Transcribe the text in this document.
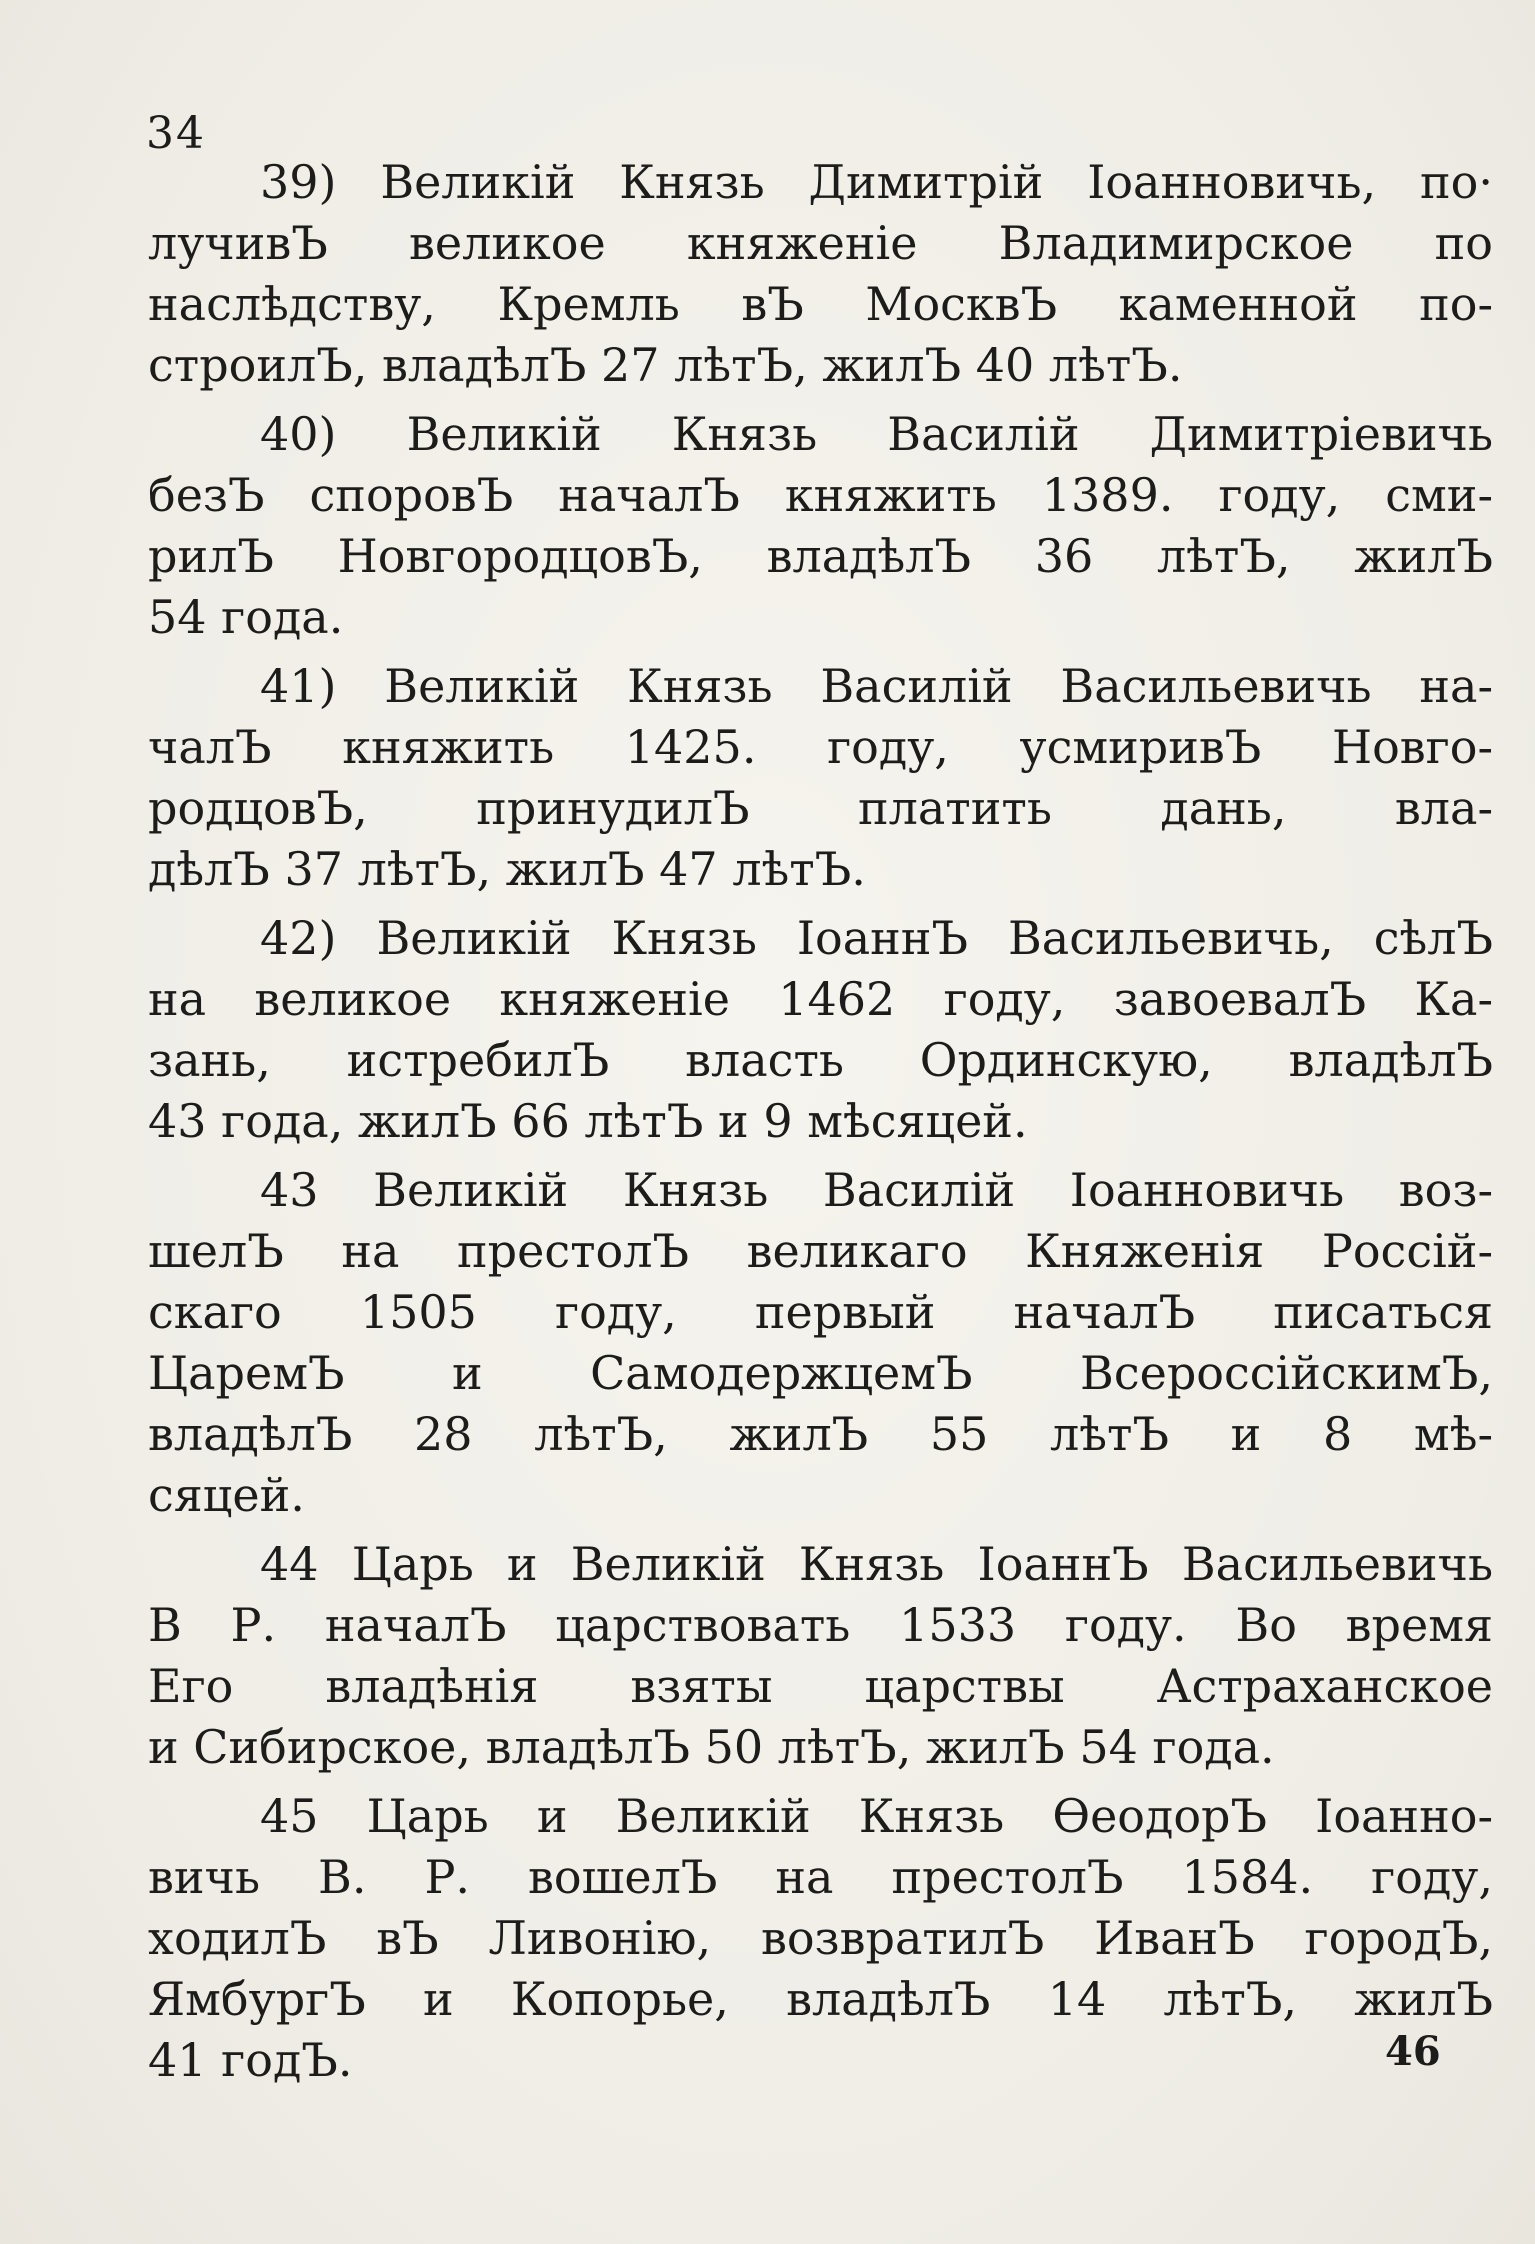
34
39) Великій Князь Димитрій Іоанновичь, по·
лучивЪ великое княженіе Владимирское по
наслѣдству, Кремль вЪ МосквЪ каменной по-
строилЪ, владѣлЪ 27 лѣтЪ, жилЪ 40 лѣтЪ.
40) Великій Князь Василій Димитріевичь
безЪ споровЪ началЪ княжить 1389. году, сми-
рилЪ НовгородцовЪ, владѣлЪ 36 лѣтЪ, жилЪ
54 года.
41) Великій Князь Василій Васильевичь на-
чалЪ княжить 1425. году, усмиривЪ Новго-
родцовЪ, принудилЪ платить дань, вла-
дѣлЪ 37 лѣтЪ, жилЪ 47 лѣтЪ.
42) Великій Князь ІоаннЪ Васильевичь, сѣлЪ
на великое княженіе 1462 году, завоевалЪ Ка-
зань, истребилЪ власть Ординскую, владѣлЪ
43 года, жилЪ 66 лѣтЪ и 9 мѣсяцей.
43 Великій Князь Василій Іоанновичь воз-
шелЪ на престолЪ великаго Княженія Россій-
скаго 1505 году, первый началЪ писаться
ЦаремЪ и СамодержцемЪ ВсероссійскимЪ,
владѣлЪ 28 лѣтЪ, жилЪ 55 лѣтЪ и 8 мѣ-
сяцей.
44 Царь и Великій Князь ІоаннЪ Васильевичь
В Р. началЪ царствовать 1533 году. Во время
Его владѣнія взяты царствы Астраханское
и Сибирское, владѣлЪ 50 лѣтЪ, жилЪ 54 года.
45 Царь и Великій Князь ѲеодорЪ Іоанно-
вичь В. Р. вошелЪ на престолЪ 1584. году,
ходилЪ вЪ Ливонію, возвратилЪ ИванЪ городЪ,
ЯмбургЪ и Копорье, владѣлЪ 14 лѣтЪ, жилЪ
41 годЪ.	46
